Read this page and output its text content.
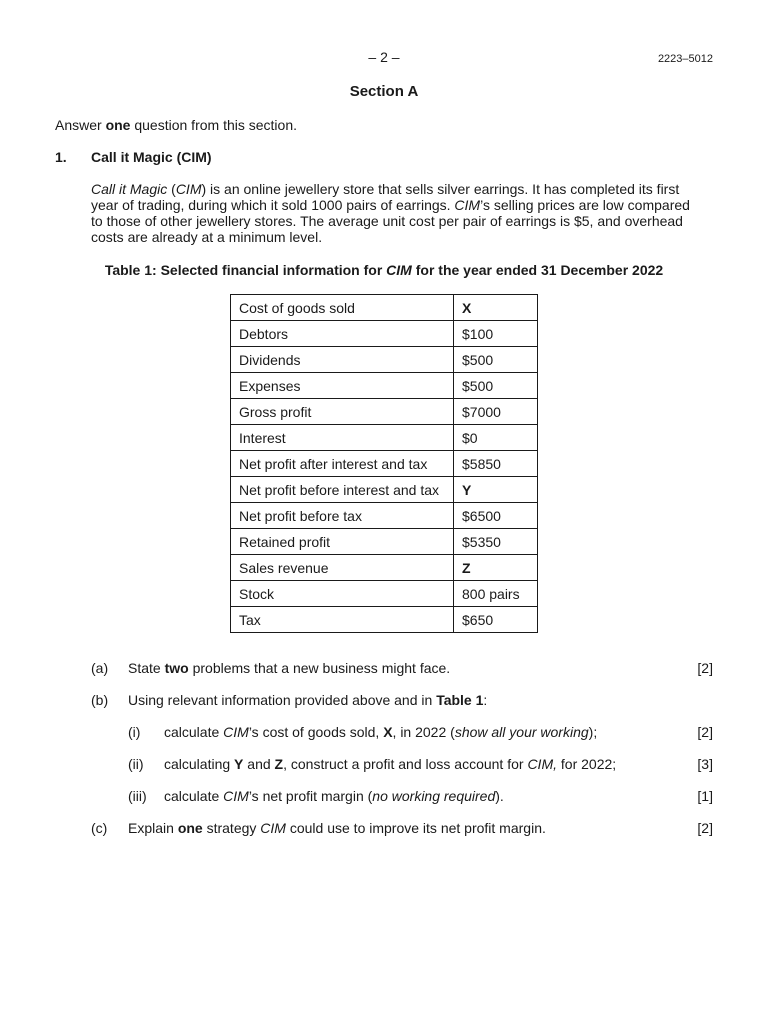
– 2 –	2223–5012
Section A
Answer one question from this section.
1. Call it Magic (CIM)
Call it Magic (CIM) is an online jewellery store that sells silver earrings. It has completed its first year of trading, during which it sold 1000 pairs of earrings. CIM’s selling prices are low compared to those of other jewellery stores. The average unit cost per pair of earrings is $5, and overhead costs are already at a minimum level.
Table 1: Selected financial information for CIM for the year ended 31 December 2022
Cost of goods sold	X
Debtors	$100
Dividends	$500
Expenses	$500
Gross profit	$7000
Interest	$0
Net profit after interest and tax	$5850
Net profit before interest and tax	Y
Net profit before tax	$6500
Retained profit	$5350
Sales revenue	Z
Stock	800 pairs
Tax	$650
(a) State two problems that a new business might face.	[2]
(b) Using relevant information provided above and in Table 1:
(i) calculate CIM’s cost of goods sold, X, in 2022 (show all your working);	[2]
(ii) calculating Y and Z, construct a profit and loss account for CIM, for 2022;	[3]
(iii) calculate CIM’s net profit margin (no working required).	[1]
(c) Explain one strategy CIM could use to improve its net profit margin.	[2]
